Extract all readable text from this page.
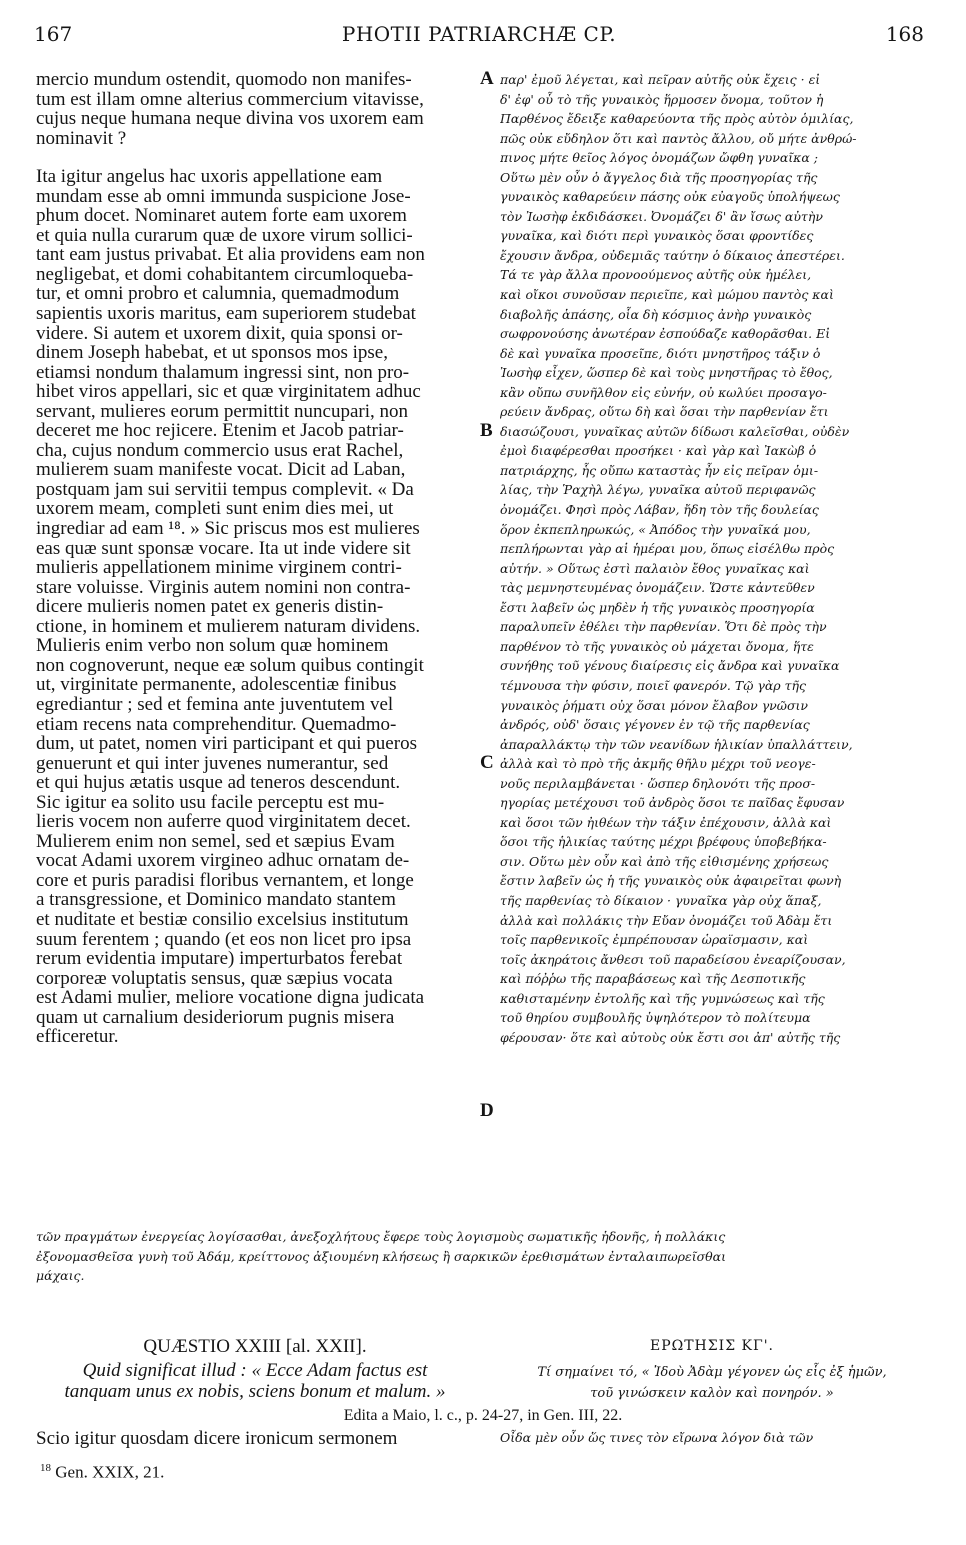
167	PHOTII PATRIARCHÆ CP.	168
mercio mundum ostendit, quomodo non manifes-
tum est illam omne alterius commercium vitavisse,
cujus neque humana neque divina vos uxorem eam
nominavit ?
Ita igitur angelus hac uxoris appellatione eam
mundam esse ab omni immunda suspicione Jose-
phum docet. Nominaret autem forte eam uxorem
et quia nulla curarum quæ de uxore virum sollici-
tant eam justus privabat. Et alia providens eam non
negligebat, et domi cohabitantem circumloqueba-
tur, et omni probro et calumnia, quemadmodum
sapientis uxoris maritus, eam superiorem studebat
videre. Si autem et uxorem dixit, quia sponsi or-
dinem Joseph habebat, et ut sponsos mos ipse,
etiamsi nondum thalamum ingressi sint, non pro-
hibet viros appellari, sic et quæ virginitatem adhuc
servant, mulieres eorum permittit nuncupari, non
deceret me hoc rejicere. Etenim et Jacob patriar-
cha, cujus nondum commercio usus erat Rachel,
mulierem suam manifeste vocat. Dicit ad Laban,
postquam jam sui servitii tempus complevit. « Da
uxorem meam, completi sunt enim dies mei, ut
ingrediar ad eam ¹⁸. » Sic priscus mos est mulieres
eas quæ sunt sponsæ vocare. Ita ut inde videre sit
mulieris appellationem minime virginem contri-
stare voluisse. Virginis autem nomini non contra-
dicere mulieris nomen patet ex generis distin-
ctione, in hominem et mulierem naturam dividens.
Mulieris enim verbo non solum quæ hominem
non cognoverunt, neque eæ solum quibus contingit
ut, virginitate permanente, adolescentiæ finibus
egrediantur ; sed et femina ante juventutem vel
etiam recens nata comprehenditur. Quemadmo-
dum, ut patet, nomen viri participant et qui pueros
genuerunt et qui inter juvenes numerantur, sed
et qui hujus ætatis usque ad teneros descendunt.
Sic igitur ea solito usu facile perceptu est mu-
lieris vocem non auferre quod virginitatem decet.
Mulierem enim non semel, sed et sæpius Evam
vocat Adami uxorem virgineo adhuc ornatam de-
core et puris paradisi floribus vernantem, et longe
a transgressione, et Dominico mandato stantem
et nuditate et bestiæ consilio excelsius institutum
suum ferentem ; quando (et eos non licet pro ipsa
rerum evidentia imputare) imperturbatos ferebat
corporeæ voluptatis sensus, quæ sæpius vocata
est Adami mulier, meliore vocatione digna judicata
quam ut carnalium desideriorum pugnis misera
efficeretur.
παρ' ἐμοῦ λέγεται, καὶ πεῖραν αὐτῆς οὐκ ἔχεις · εἰ
δ' ἐφ' οὗ τὸ τῆς γυναικὸς ἥρμοσεν ὄνομα, τοῦτον ἡ
Παρθένος ἔδειξε καθαρεύοντα τῆς πρὸς αὐτὸν ὁμιλίας,
πῶς οὐκ εὔδηλον ὅτι καὶ παντὸς ἄλλου, οὔ μήτε ἀνθρώ-
πινος μήτε θεῖος λόγος ὀνομάζων ὤφθη γυναῖκα ;
Οὕτω μὲν οὖν ὁ ἄγγελος διὰ τῆς προσηγορίας τῆς
γυναικὸς καθαρεύειν πάσης οὐκ εὐαγοῦς ὑπολήψεως
τὸν Ἰωσὴφ ἐκδιδάσκει. Ὀνομάζει δ' ἂν ἴσως αὐτὴν
γυναῖκα, καὶ διότι περὶ γυναικὸς ὅσαι φροντίδες
ἔχουσιν ἄνδρα, οὐδεμιᾶς ταύτην ὁ δίκαιος ἀπεστέρει.
Τά τε γὰρ ἄλλα προνοούμενος αὐτῆς οὐκ ἠμέλει,
καὶ οἴκοι συνοῦσαν περιεῖπε, καὶ μώμου παντὸς καὶ
διαβολῆς ἁπάσης, οἷα δὴ κόσμιος ἀνὴρ γυναικὸς
σωφρονούσης ἀνωτέραν ἐσπούδαζε καθορᾶσθαι. Εἰ
δὲ καὶ γυναῖκα προσεῖπε, διότι μνηστῆρος τάξιν ὁ
Ἰωσὴφ εἶχεν, ὥσπερ δὲ καὶ τοὺς μνηστῆρας τὸ ἔθος,
κἂν οὔπω συνῆλθον εἰς εὐνήν, οὐ κωλύει προσαγο-
ρεύειν ἄνδρας, οὕτω δὴ καὶ ὅσαι τὴν παρθενίαν ἔτι
διασώζουσι, γυναῖκας αὐτῶν δίδωσι καλεῖσθαι, οὐδὲν
ἐμοὶ διαφέρεσθαι προσήκει · καὶ γὰρ καὶ Ἰακὼβ ὁ
πατριάρχης, ἧς οὔπω καταστὰς ἦν εἰς πεῖραν ὁμι-
λίας, τὴν Ῥαχὴλ λέγω, γυναῖκα αὐτοῦ περιφανῶς
ὀνομάζει. Φησὶ πρὸς Λάβαν, ἤδη τὸν τῆς δουλείας
ὅρον ἐκπεπληρωκώς, « Ἀπόδος τὴν γυναῖκά μου,
πεπλήρωνται γὰρ αἱ ἡμέραι μου, ὅπως εἰσέλθω πρὸς
αὐτήν. » Οὕτως ἐστὶ παλαιὸν ἔθος γυναῖκας καὶ
τὰς μεμνηστευμένας ὀνομάζειν. Ὥστε κἀντεῦθεν
ἔστι λαβεῖν ὡς μηδὲν ἡ τῆς γυναικὸς προσηγορία
παραλυπεῖν ἐθέλει τὴν παρθενίαν. Ὅτι δὲ πρὸς τὴν
παρθένον τὸ τῆς γυναικὸς οὐ μάχεται ὄνομα, ἥτε
συνήθης τοῦ γένους διαίρεσις εἰς ἄνδρα καὶ γυναῖκα
τέμνουσα τὴν φύσιν, ποιεῖ φανερόν. Τῷ γὰρ τῆς
γυναικὸς ῥήματι οὐχ ὅσαι μόνον ἔλαβον γνῶσιν
ἀνδρός, οὐδ' ὅσαις γέγονεν ἐν τῷ τῆς παρθενίας
ἀπαραλλάκτῳ τὴν τῶν νεανίδων ἡλικίαν ὑπαλλάττειν,
ἀλλὰ καὶ τὸ πρὸ τῆς ἀκμῆς θῆλυ μέχρι τοῦ νεογε-
νοῦς περιλαμβάνεται · ὥσπερ δηλονότι τῆς προσ-
ηγορίας μετέχουσι τοῦ ἀνδρὸς ὅσοι τε παῖδας ἔφυσαν
καὶ ὅσοι τῶν ἠιθέων τὴν τάξιν ἐπέχουσιν, ἀλλὰ καὶ
ὅσοι τῆς ἡλικίας ταύτης μέχρι βρέφους ὑποβεβήκα-
σιν. Οὕτω μὲν οὖν καὶ ἀπὸ τῆς εἰθισμένης χρήσεως
ἔστιν λαβεῖν ὡς ἡ τῆς γυναικὸς οὐκ ἀφαιρεῖται φωνὴ
τῆς παρθενίας τὸ δίκαιον · γυναῖκα γὰρ οὐχ ἅπαξ,
ἀλλὰ καὶ πολλάκις τὴν Εὔαν ὀνομάζει τοῦ Ἀδὰμ ἔτι
τοῖς παρθενικοῖς ἐμπρέπουσαν ὡραϊσμασιν, καὶ
τοῖς ἀκηράτοις ἄνθεσι τοῦ παραδείσου ἐνεαρίζουσαν,
καὶ πόῤῥω τῆς παραβάσεως καὶ τῆς Δεσποτικῆς
καθισταμένην ἐντολῆς καὶ τῆς γυμνώσεως καὶ τῆς
τοῦ θηρίου συμβουλῆς ὑψηλότερον τὸ πολίτευμα
φέρουσαν· ὅτε καὶ αὐτοὺς οὐκ ἔστι σοι ἀπ' αὐτῆς τῆς
A
B
C
D
τῶν πραγμάτων ἐνεργείας λογίσασθαι, ἀνεξοχλήτους ἔφερε τοὺς λογισμοὺς σωματικῆς ἡδονῆς, ἡ πολλάκις
ἐξονομασθεῖσα γυνὴ τοῦ Ἀδάμ, κρείττονος ἀξιουμένη κλήσεως ἢ σαρκικῶν ἐρεθισμάτων ἐνταλαιπωρεῖσθαι
μάχαις.
QUÆSTIO XXIII [al. XXII].	ΕΡΩΤΗΣΙΣ ΚΓ'.
Quid significat illud : « Ecce Adam factus est
tanquam unus ex nobis, sciens bonum et malum. »
Τί σημαίνει τό, « Ἰδοὺ Ἀδὰμ γέγονεν ὡς εἷς ἐξ ἡμῶν,
τοῦ γινώσκειν καλὸν καὶ πονηρόν. »
Edita a Maio, l. c., p. 24-27, in Gen. III, 22.
Scio igitur quosdam dicere ironicum sermonem	Οἶδα μὲν οὖν ὥς τινες τὸν εἴρωνα λόγον διὰ τῶν
$^{18}$ Gen. XXIX, 21.
